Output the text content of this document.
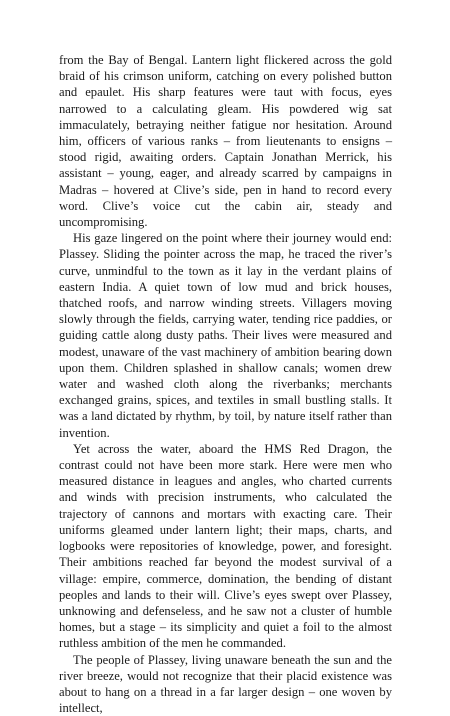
from the Bay of Bengal. Lantern light flickered across the gold braid of his crimson uniform, catching on every polished button and epaulet. His sharp features were taut with focus, eyes narrowed to a calculating gleam. His powdered wig sat immaculately, betraying neither fatigue nor hesitation. Around him, officers of various ranks – from lieutenants to ensigns – stood rigid, awaiting orders. Captain Jonathan Merrick, his assistant – young, eager, and already scarred by campaigns in Madras – hovered at Clive’s side, pen in hand to record every word. Clive’s voice cut the cabin air, steady and uncompromising.

His gaze lingered on the point where their journey would end: Plassey. Sliding the pointer across the map, he traced the river’s curve, unmindful to the town as it lay in the verdant plains of eastern India. A quiet town of low mud and brick houses, thatched roofs, and narrow winding streets. Villagers moving slowly through the fields, carrying water, tending rice paddies, or guiding cattle along dusty paths. Their lives were measured and modest, unaware of the vast machinery of ambition bearing down upon them. Children splashed in shallow canals; women drew water and washed cloth along the riverbanks; merchants exchanged grains, spices, and textiles in small bustling stalls. It was a land dictated by rhythm, by toil, by nature itself rather than invention.

Yet across the water, aboard the HMS Red Dragon, the contrast could not have been more stark. Here were men who measured distance in leagues and angles, who charted currents and winds with precision instruments, who calculated the trajectory of cannons and mortars with exacting care. Their uniforms gleamed under lantern light; their maps, charts, and logbooks were repositories of knowledge, power, and foresight. Their ambitions reached far beyond the modest survival of a village: empire, commerce, domination, the bending of distant peoples and lands to their will. Clive’s eyes swept over Plassey, unknowing and defenseless, and he saw not a cluster of humble homes, but a stage – its simplicity and quiet a foil to the almost ruthless ambition of the men he commanded.

The people of Plassey, living unaware beneath the sun and the river breeze, would not recognize that their placid existence was about to hang on a thread in a far larger design – one woven by intellect,
